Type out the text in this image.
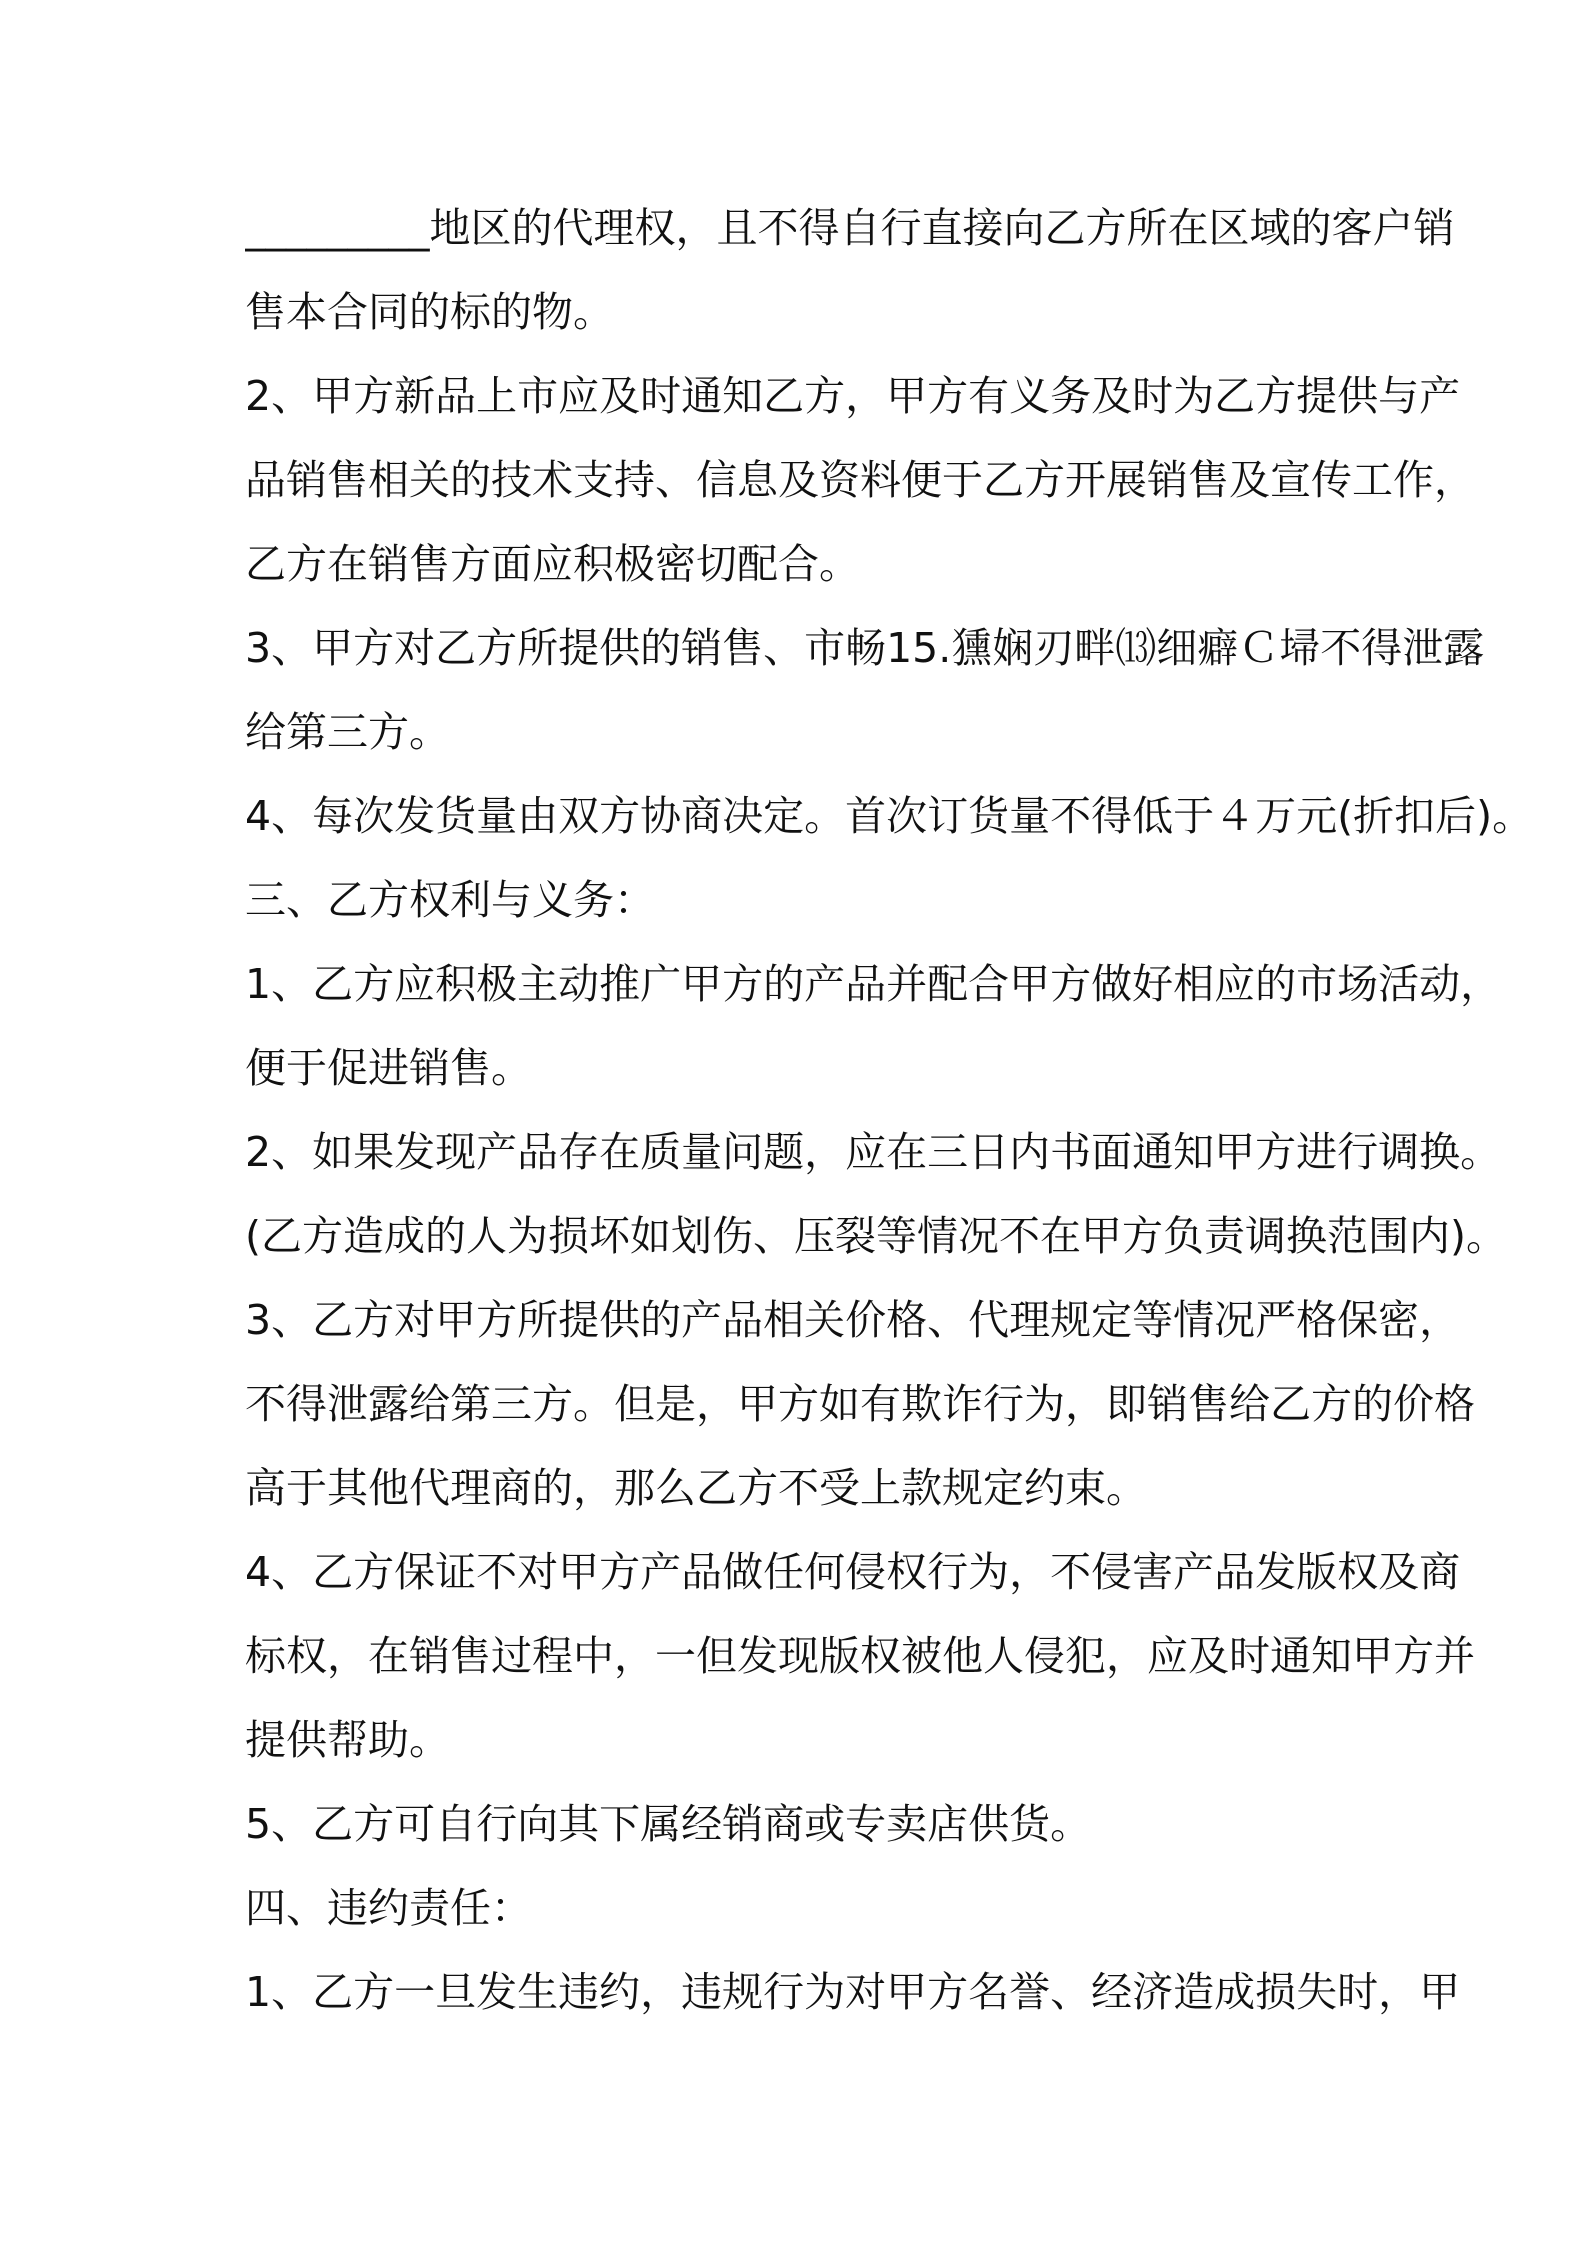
_________地区的代理权，且不得自行直接向乙方所在区域的客户销

售本合同的标的物。

2、甲方新品上市应及时通知乙方，甲方有义务及时为乙方提供与产

品销售相关的技术支持、信息及资料便于乙方开展销售及宣传工作，

乙方在销售方面应积极密切配合。

3、甲方对乙方所提供的销售、市畅15.獯娴刃畔⒀细癖Ｃ埽不得泄露

给第三方。

4、每次发货量由双方协商决定。首次订货量不得低于４万元(折扣后)。

三、乙方权利与义务：

1、乙方应积极主动推广甲方的产品并配合甲方做好相应的市场活动，

便于促进销售。

2、如果发现产品存在质量问题，应在三日内书面通知甲方进行调换。

(乙方造成的人为损坏如划伤、压裂等情况不在甲方负责调换范围内)。

3、乙方对甲方所提供的产品相关价格、代理规定等情况严格保密，

不得泄露给第三方。但是，甲方如有欺诈行为，即销售给乙方的价格

高于其他代理商的，那么乙方不受上款规定约束。

4、乙方保证不对甲方产品做任何侵权行为，不侵害产品发版权及商

标权，在销售过程中，一但发现版权被他人侵犯，应及时通知甲方并

提供帮助。

5、乙方可自行向其下属经销商或专卖店供货。

四、违约责任：

1、乙方一旦发生违约，违规行为对甲方名誉、经济造成损失时，甲
